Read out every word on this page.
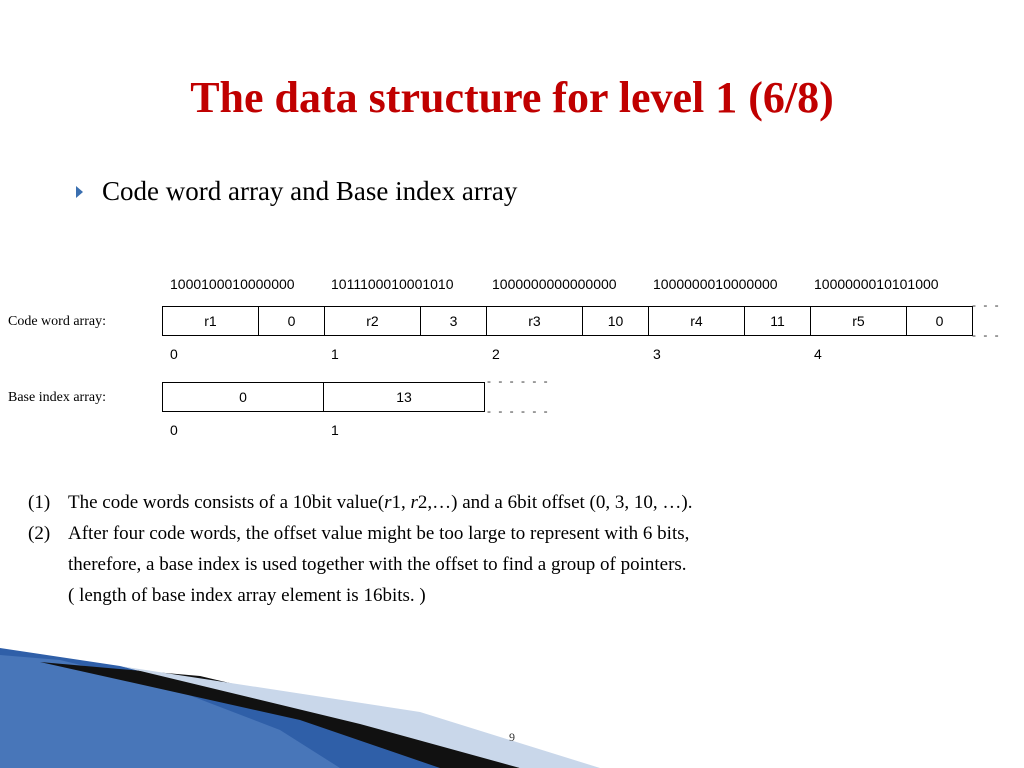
The data structure for level 1 (6/8)
Code word array and Base index array
Code word array:
Base index array:
1000100010000000	1011100010001010	1000000000000000	1000000010000000	1000000010101000
r1	0	r2	3	r3	10	r4	11	r5	0
- - -
- - -
0	1	2	3	4
0	13
- - - - - -
- - - - - -
0	1
(1) The code words consists of a 10bit value(r1, r2,…) and a 6bit offset (0, 3, 10, …).
(2) After four code words, the offset value might be too large to represent with 6 bits,
therefore, a base index is used together with the offset to find a group of pointers.
( length of base index array element is 16bits. )
9
